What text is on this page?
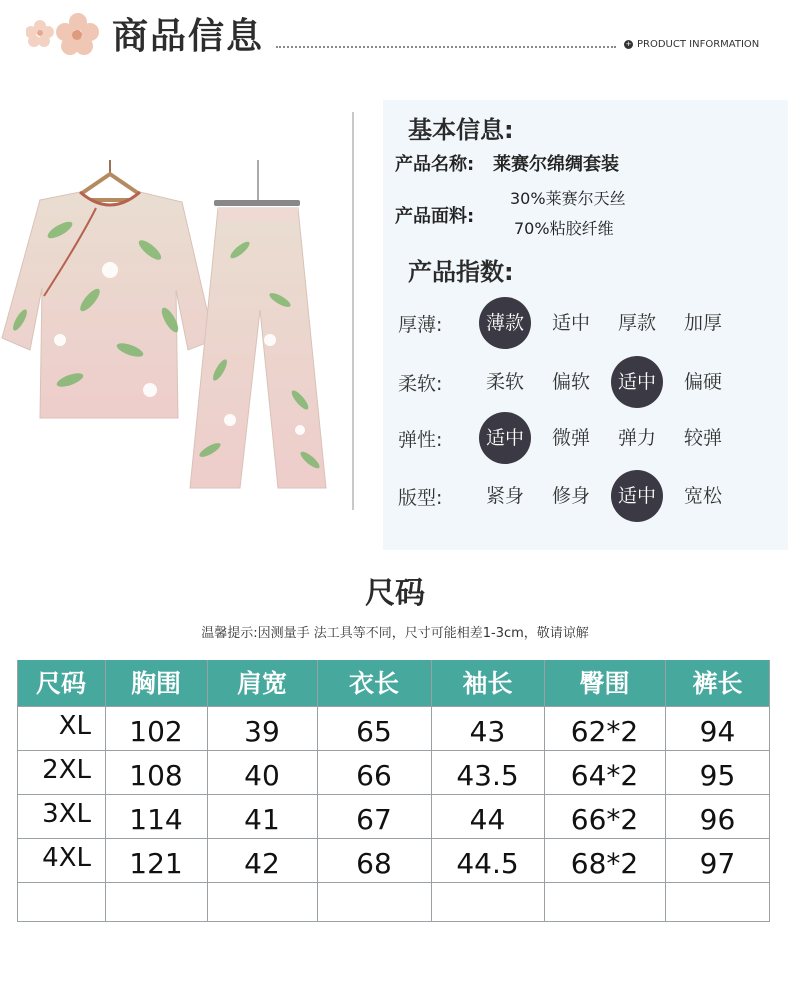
商品信息	+ PRODUCT INFORMATION
基本信息:
产品名称: 莱赛尔绵绸套装
产品面料:
30%莱赛尔天丝
70%粘胶纤维
产品指数:
厚薄:	薄款	适中	厚款	加厚
柔软:	柔软	偏软	适中	偏硬
弹性:	适中	微弹	弹力	较弹
版型:	紧身	修身	适中	宽松
尺码
温馨提示:因测量手 法工具等不同，尺寸可能相差1-3cm，敬请谅解
尺码	胸围	肩宽	衣长	袖长	臀围	裤长
XL	102	39	65	43	62*2	94
2XL	108	40	66	43.5	64*2	95
3XL	114	41	67	44	66*2	96
4XL	121	42	68	44.5	68*2	97
